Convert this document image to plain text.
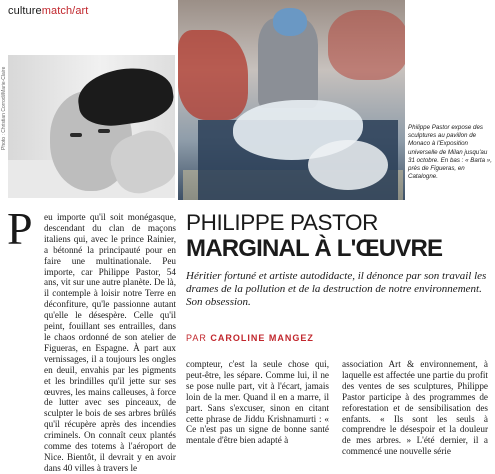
culturematch/art
Photo : Christian Corrodi/Marie-Claire	Philippe Pastor expose des sculptures au pavillon de Monaco à l'Exposition universelle de Milan jusqu'au 31 octobre. En bas : « Barta », près de Figueras, en Catalogne.
P eu importe qu'il soit monégasque, descendant du clan de maçons italiens qui, avec le prince Rainier, a bétonné la principauté pour en faire une multinationale. Peu importe, car Philippe Pastor, 54 ans, vit sur une autre planète. De là, il contemple à loisir notre Terre en déconfiture, qu'le passionne autant qu'elle le désespère. Celle qu'il peint, fouillant ses entrailles, dans le chaos ordonné de son atelier de Figueras, en Espagne. À part aux vernissages, il a toujours les ongles en deuil, envahis par les pigments et les brindilles qu'il jette sur ses œuvres, les mains calleuses, à force de lutter avec ses pinceaux, de sculpter le bois de ses arbres brûlés qu'il récupère après des incendies criminels. On connaît ceux plantés comme des totems à l'aéroport de Nice. Bientôt, il devrait y en avoir dans 40 villes à travers le

PHILIPPE PASTOR
MARGINAL À L'ŒUVRE
Héritier fortuné et artiste autodidacte, il dénonce par son travail les drames de la pollution et de la destruction de notre environnement. Son obsession.
PAR CAROLINE MANGEZ

compteur, c'est la seule chose qui, peut-être, les sépare. Comme lui, il ne se pose nulle part, vit à l'écart, jamais loin de la mer. Quand il en a marre, il part. Sans s'excuser, sinon en citant cette phrase de Jiddu Krishnamurti : « Ce n'est pas un signe de bonne santé mentale d'être bien adapté à

association Art & environnement, à laquelle est affectée une partie du profit des ventes de ses sculptures, Philippe Pastor participe à des programmes de reforestation et de sensibilisation des enfants. « Ils sont les seuls à comprendre le désespoir et la douleur de mes arbres. » L'été dernier, il a commencé une nouvelle série
